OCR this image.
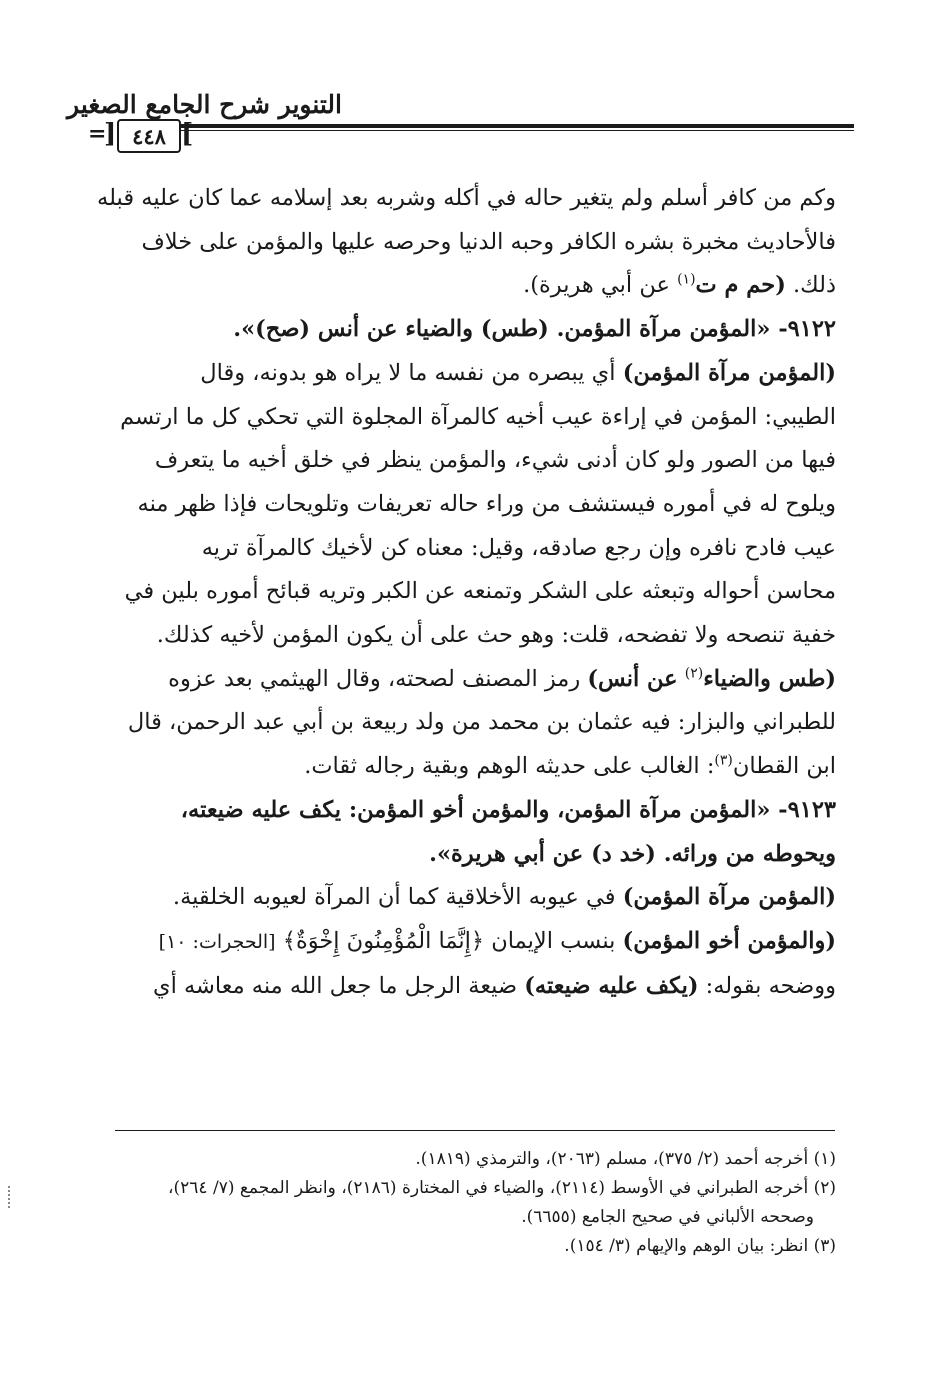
التنوير شرح الجامع الصغير
=
[ ٤٤٨ ]
وكم من كافر أسلم ولم يتغير حاله في أكله وشربه بعد إسلامه عما كان عليه قبله
فالأحاديث مخبرة بشره الكافر وحبه الدنيا وحرصه عليها والمؤمن على خلاف
ذلك. (حم م ت$^{(١)}$ عن أبي هريرة).
٩١٢٢- «المؤمن مرآة المؤمن. (طس) والضياء عن أنس (صح)».
(المؤمن مرآة المؤمن) أي يبصره من نفسه ما لا يراه هو بدونه، وقال
الطيبي: المؤمن في إراءة عيب أخيه كالمرآة المجلوة التي تحكي كل ما ارتسم
فيها من الصور ولو كان أدنى شيء، والمؤمن ينظر في خلق أخيه ما يتعرف
ويلوح له في أموره فيستشف من وراء حاله تعريفات وتلويحات فإذا ظهر منه
عيب فادح نافره وإن رجع صادقه، وقيل: معناه كن لأخيك كالمرآة تريه
محاسن أحواله وتبعثه على الشكر وتمنعه عن الكبر وتريه قبائح أموره بلين في
خفية تنصحه ولا تفضحه، قلت: وهو حث على أن يكون المؤمن لأخيه كذلك.
(طس والضياء$^{(٢)}$ عن أنس) رمز المصنف لصحته، وقال الهيثمي بعد عزوه
للطبراني والبزار: فيه عثمان بن محمد من ولد ربيعة بن أبي عبد الرحمن، قال
ابن القطان$^{(٣)}$: الغالب على حديثه الوهم وبقية رجاله ثقات.
٩١٢٣- «المؤمن مرآة المؤمن، والمؤمن أخو المؤمن: يكف عليه ضيعته،
ويحوطه من ورائه. (خد د) عن أبي هريرة».
(المؤمن مرآة المؤمن) في عيوبه الأخلاقية كما أن المرآة لعيوبه الخلقية.
(والمؤمن أخو المؤمن) بنسب الإيمان ﴿إِنَّمَا الْمُؤْمِنُونَ إِخْوَةٌ﴾ [الحجرات: ١٠]
ووضحه بقوله: (يكف عليه ضيعته) ضيعة الرجل ما جعل الله منه معاشه أي
(١) أخرجه أحمد (٢/ ٣٧٥)، مسلم (٢٠٦٣)، والترمذي (١٨١٩).
(٢) أخرجه الطبراني في الأوسط (٢١١٤)، والضياء في المختارة (٢١٨٦)، وانظر المجمع (٧/ ٢٦٤)،
وصححه الألباني في صحيح الجامع (٦٦٥٥).
(٣) انظر: بيان الوهم والإيهام (٣/ ١٥٤).
